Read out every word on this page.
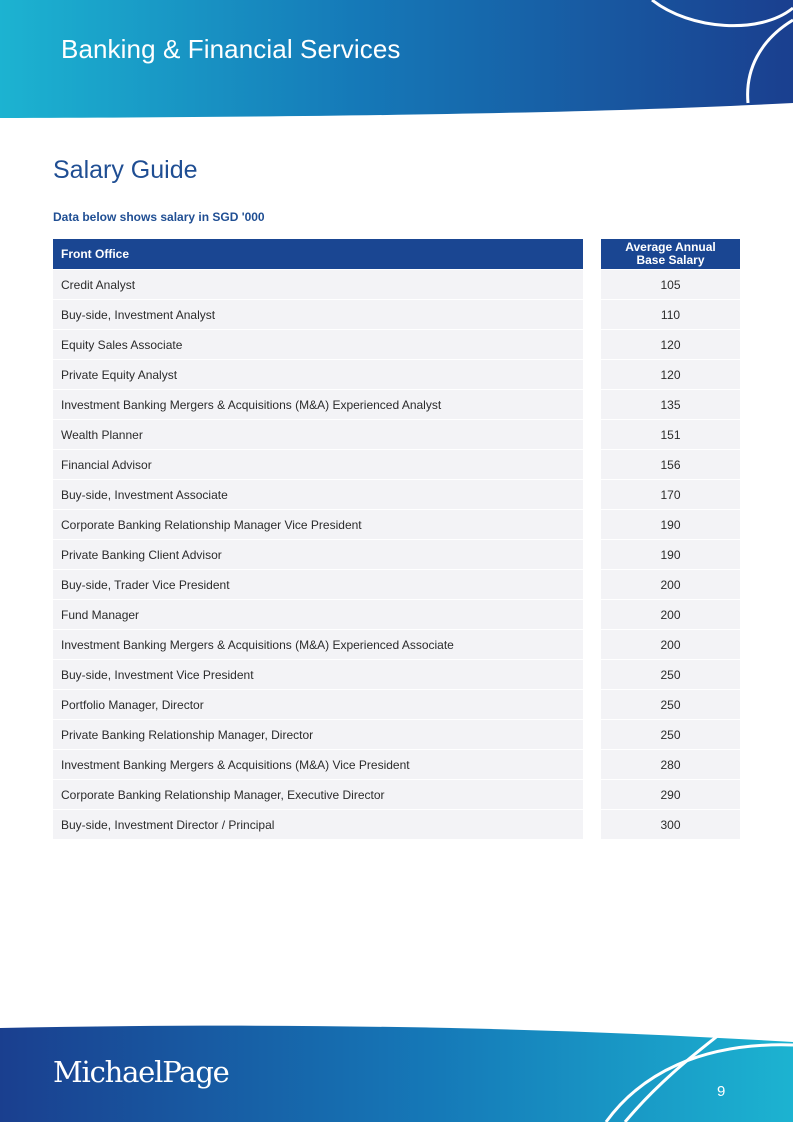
Banking & Financial Services
Salary Guide
Data below shows salary in SGD '000
Front Office
Credit Analyst
Buy-side, Investment Analyst
Equity Sales Associate
Private Equity Analyst
Investment Banking Mergers & Acquisitions (M&A) Experienced Analyst
Wealth Planner
Financial Advisor
Buy-side, Investment Associate
Corporate Banking Relationship Manager Vice President
Private Banking Client Advisor
Buy-side, Trader Vice President
Fund Manager
Investment Banking Mergers & Acquisitions (M&A) Experienced Associate
Buy-side, Investment Vice President
Portfolio Manager, Director
Private Banking Relationship Manager, Director
Investment Banking Mergers & Acquisitions (M&A) Vice President
Corporate Banking Relationship Manager, Executive Director
Buy-side, Investment Director / Principal
Average Annual
Base Salary
105
110
120
120
135
151
156
170
190
190
200
200
200
250
250
250
280
290
300
MichaelPage
9
